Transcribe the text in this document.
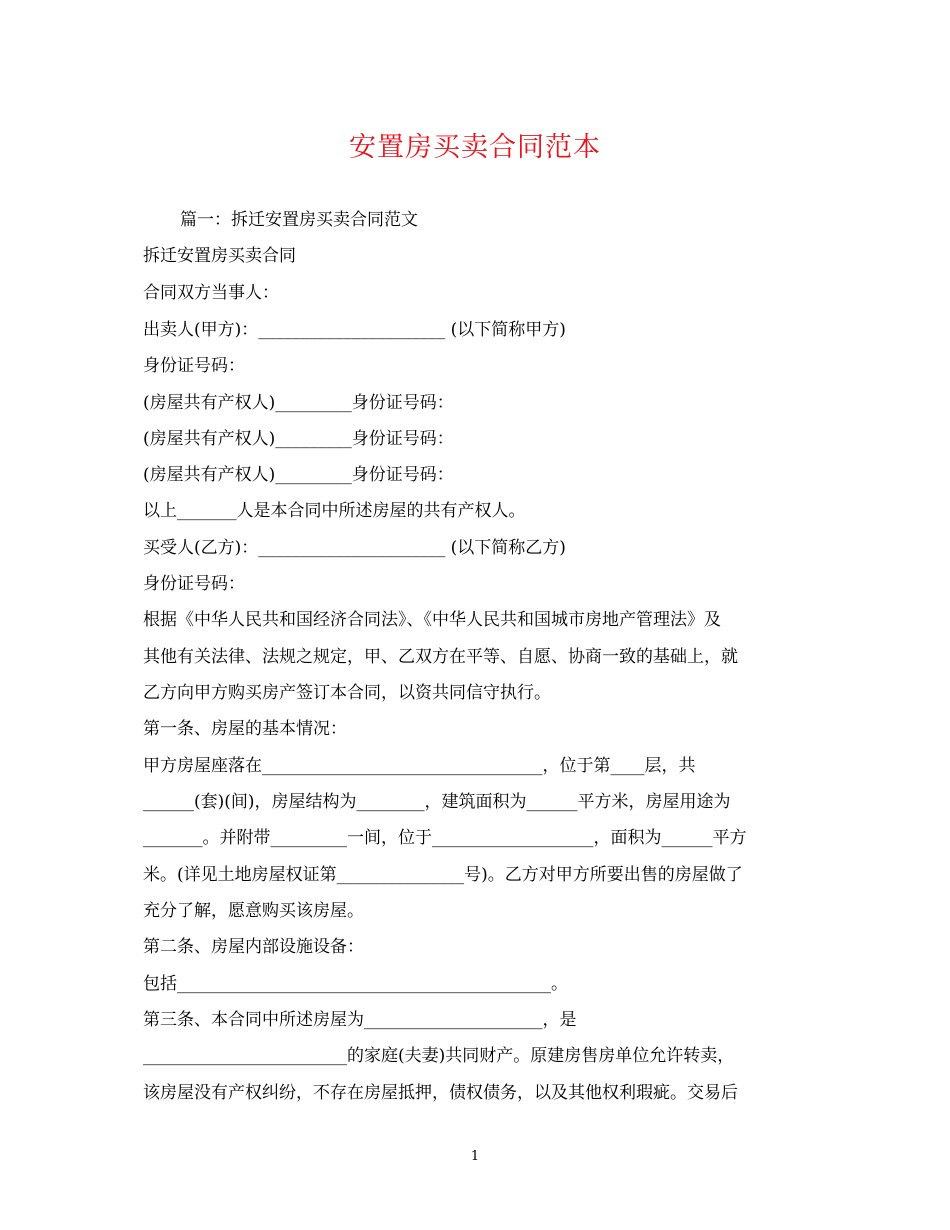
安置房买卖合同范本
篇一：拆迁安置房买卖合同范文
拆迁安置房买卖合同
合同双方当事人：
出卖人(甲方)：______________________ (以下简称甲方)
身份证号码：
(房屋共有产权人)_________身份证号码：
(房屋共有产权人)_________身份证号码：
(房屋共有产权人)_________身份证号码：
以上_______人是本合同中所述房屋的共有产权人。
买受人(乙方)：______________________ (以下简称乙方)
身份证号码：
根据《中华人民共和国经济合同法》、《中华人民共和国城市房地产管理法》及
其他有关法律、法规之规定，甲、乙双方在平等、自愿、协商一致的基础上，就
乙方向甲方购买房产签订本合同，以资共同信守执行。
第一条、房屋的基本情况：
甲方房屋座落在_________________________________，位于第____层，共
______(套)(间)，房屋结构为________，建筑面积为______平方米，房屋用途为
_______。并附带_________一间，位于___________________，面积为______平方
米。(详见土地房屋权证第_______________号)。乙方对甲方所要出售的房屋做了
充分了解，愿意购买该房屋。
第二条、房屋内部设施设备：
包括____________________________________________。
第三条、本合同中所述房屋为_____________________，是
________________________的家庭(夫妻)共同财产。原建房售房单位允许转卖，
该房屋没有产权纠纷，不存在房屋抵押，债权债务，以及其他权利瑕疵。交易后
1
